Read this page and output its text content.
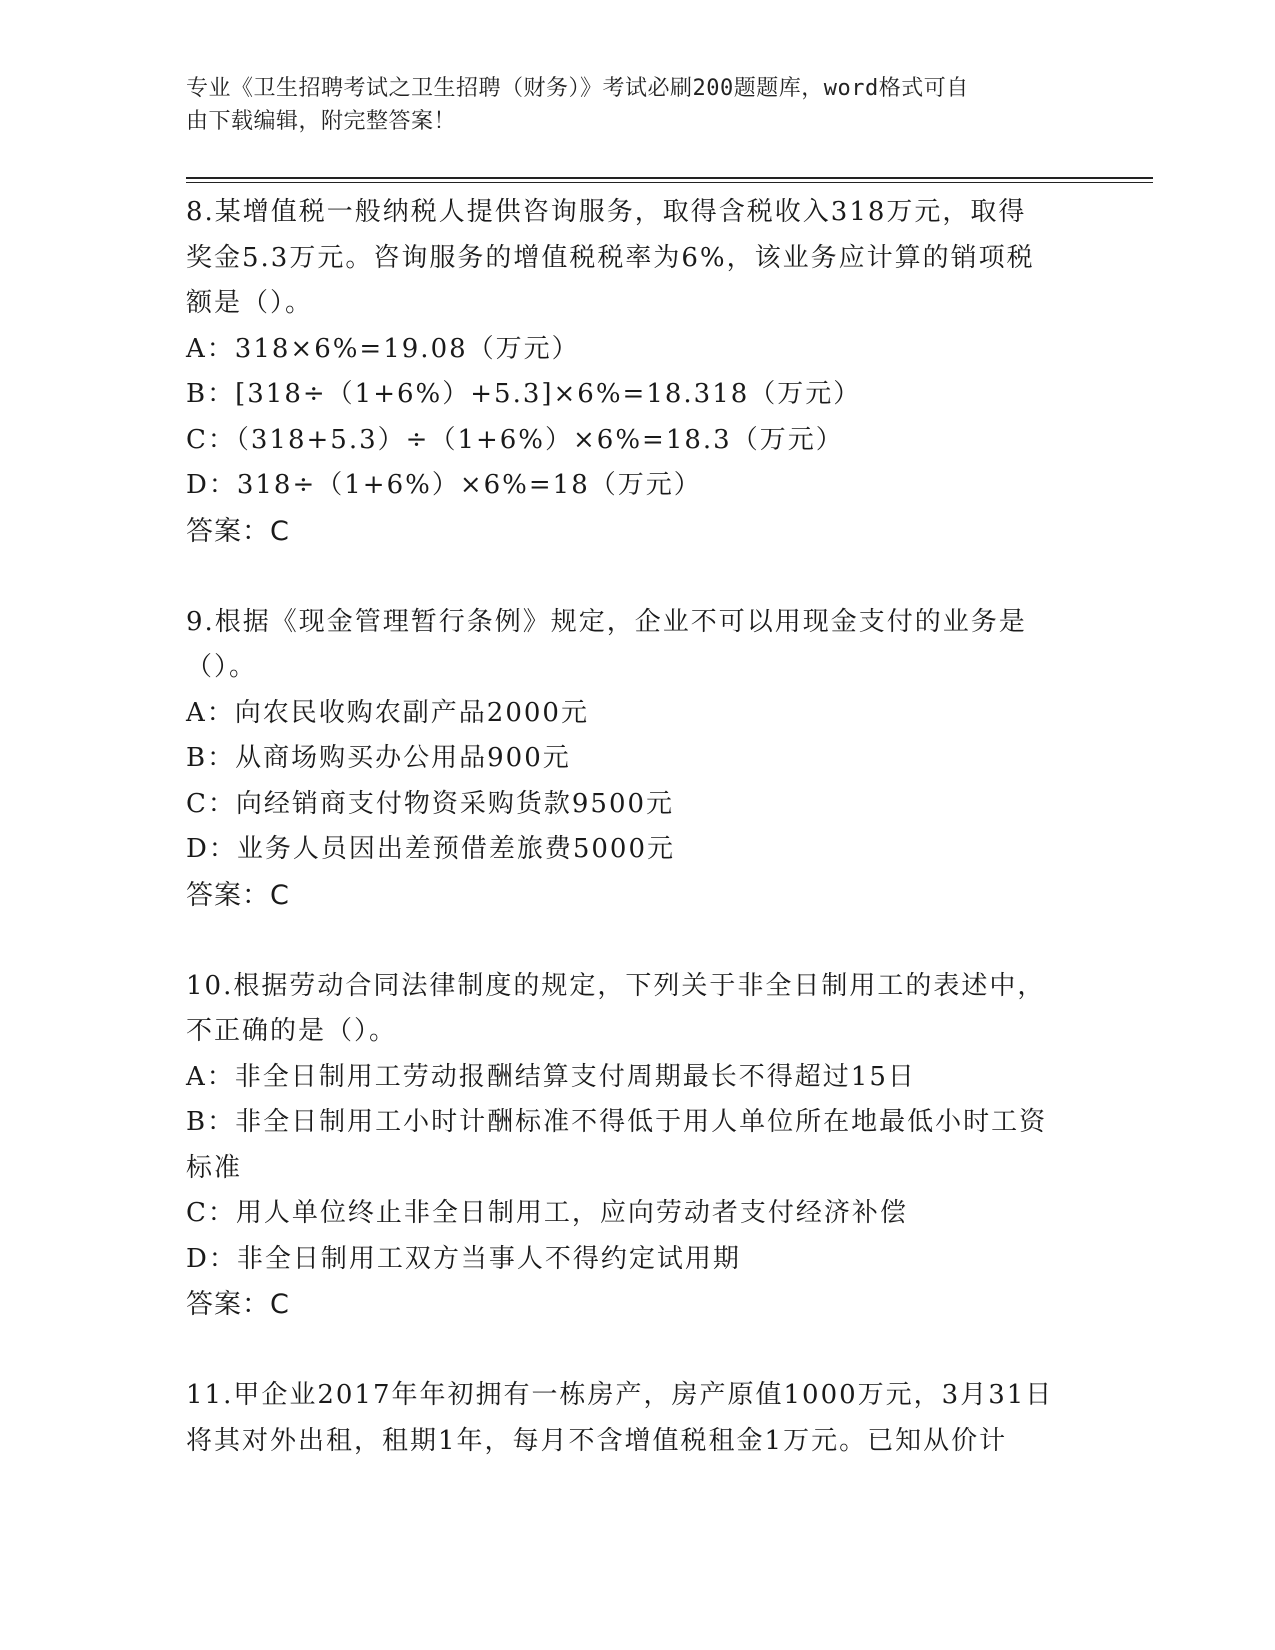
专业《卫生招聘考试之卫生招聘（财务）》考试必刷200题题库，word格式可自
由下载编辑，附完整答案！
8.某增值税一般纳税人提供咨询服务，取得含税收入318万元，取得
奖金5.3万元。咨询服务的增值税税率为6%，该业务应计算的销项税
额是（）。
A：318×6%=19.08（万元）
B：[318÷（1+6%）+5.3]×6%=18.318（万元）
C：（318+5.3）÷（1+6%）×6%=18.3（万元）
D：318÷（1+6%）×6%=18（万元）
答案：C
9.根据《现金管理暂行条例》规定，企业不可以用现金支付的业务是
（）。
A：向农民收购农副产品2000元
B：从商场购买办公用品900元
C：向经销商支付物资采购货款9500元
D：业务人员因出差预借差旅费5000元
答案：C
10.根据劳动合同法律制度的规定，下列关于非全日制用工的表述中，
不正确的是（）。
A：非全日制用工劳动报酬结算支付周期最长不得超过15日
B：非全日制用工小时计酬标准不得低于用人单位所在地最低小时工资
标准
C：用人单位终止非全日制用工，应向劳动者支付经济补偿
D：非全日制用工双方当事人不得约定试用期
答案：C
11.甲企业2017年年初拥有一栋房产，房产原值1000万元，3月31日
将其对外出租，租期1年，每月不含增值税租金1万元。已知从价计
